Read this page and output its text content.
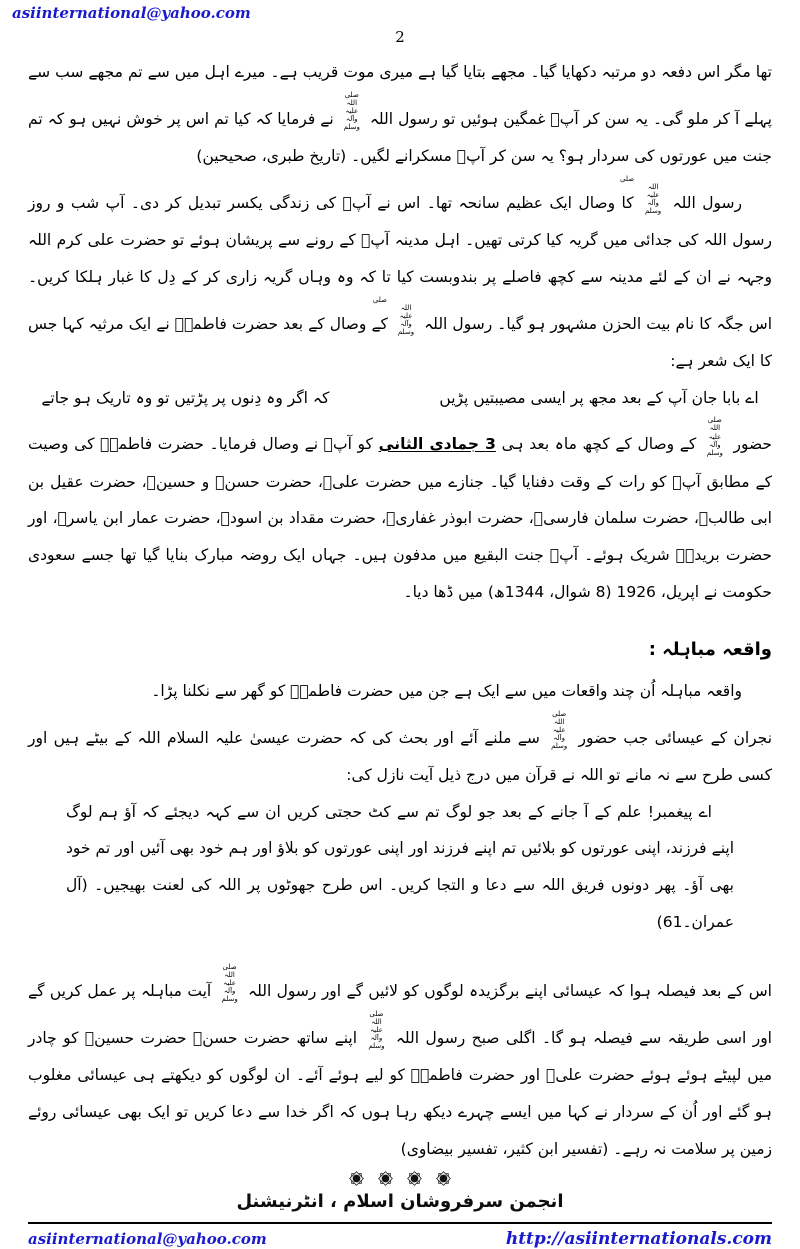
asiinternational@yahoo.com
2
تھا مگر اس دفعہ دو مرتبہ دکھایا گیا۔ مجھے بتایا گیا ہے میری موت قریب ہے۔ میرے اہل میں سے تم مجھے سب سے پہلے آ کر ملو گی۔ یہ سن کر آپؓ غمگین ہوئیں تو رسول اللہ صلی اللہ علیہ وآلہ وسلم نے فرمایا کہ کیا تم اس پر خوش نہیں ہو کہ تم جنت میں عورتوں کی سردار ہو؟ یہ سن کر آپؓ مسکرانے لگیں۔ (تاریخ طبری، صحیحین)
رسول اللہ صلی اللہ علیہ وآلہ وسلم کا وصال ایک عظیم سانحہ تھا۔ اس نے آپؓ کی زندگی یکسر تبدیل کر دی۔ آپ شب و روز رسول اللہ کی جدائی میں گریہ کیا کرتی تھیں۔ اہل مدینہ آپؓ کے رونے سے پریشان ہوئے تو حضرت علی کرم اللہ وجہہ نے ان کے لئے مدینہ سے کچھ فاصلے پر بندوبست کیا تا کہ وہ وہاں گریہ زاری کر کے دِل کا غبار ہلکا کریں۔ اس جگہ کا نام بیت الحزن مشہور ہو گیا۔ رسول اللہ صلی اللہ علیہ وآلہ وسلم کے وصال کے بعد حضرت فاطمہؓ نے ایک مرثیہ کہا جس کا ایک شعر ہے:
اے بابا جان آپ کے بعد مجھ پر ایسی مصیبتیں پڑیں
کہ اگر وہ دِنوں پر پڑتیں تو وہ تاریک ہو جاتے
حضور صلی اللہ علیہ وآلہ وسلم کے وصال کے کچھ ماہ بعد ہی 3 جمادی الثانی کو آپؓ نے وصال فرمایا۔ حضرت فاطمہؓ کی وصیت کے مطابق آپؓ کو رات کے وقت دفنایا گیا۔ جنازے میں حضرت علیؓ، حضرت حسنؓ و حسینؓ، حضرت عقیل بن ابی طالبؓ، حضرت سلمان فارسیؓ، حضرت ابوذر غفاریؓ، حضرت مقداد بن اسودؓ، حضرت عمار ابن یاسرؓ، اور حضرت بریدہؓ شریک ہوئے۔ آپؓ جنت البقیع میں مدفون ہیں۔ جہاں ایک روضہ مبارک بنایا گیا تھا جسے سعودی حکومت نے اپریل، 1926 (8 شوال، 1344ھ) میں ڈھا دیا۔
واقعہ مباہلہ :
واقعہ مباہلہ اُن چند واقعات میں سے ایک ہے جن میں حضرت فاطمہؓ کو گھر سے نکلنا پڑا۔
نجران کے عیسائی جب حضور صلی اللہ علیہ وآلہ وسلم سے ملنے آئے اور بحث کی کہ حضرت عیسیٰ علیہ السلام اللہ کے بیٹے ہیں اور کسی طرح سے نہ مانے تو اللہ نے قرآن میں درج ذیل آیت نازل کی:
اے پیغمبر! علم کے آ جانے کے بعد جو لوگ تم سے کٹ حجتی کریں ان سے کہہ دیجئے کہ آؤ ہم لوگ اپنے فرزند، اپنی عورتوں کو بلائیں تم اپنے فرزند اور اپنی عورتوں کو بلاؤ اور ہم خود بھی آئیں اور تم خود بھی آؤ۔ پھر دونوں فریق اللہ سے دعا و التجا کریں۔ اس طرح جھوٹوں پر اللہ کی لعنت بھیجیں۔ (آل عمران۔61)
اس کے بعد فیصلہ ہوا کہ عیسائی اپنے برگزیدہ لوگوں کو لائیں گے اور رسول اللہ صلی اللہ علیہ وآلہ وسلم آیت مباہلہ پر عمل کریں گے اور اسی طریقہ سے فیصلہ ہو گا۔ اگلی صبح رسول اللہ صلی اللہ علیہ وآلہ وسلم اپنے ساتھ حضرت حسنؑ حضرت حسینؑ کو چادر میں لپیٹے ہوئے ہوئے حضرت علیؑ اور حضرت فاطمہؓ کو لیے ہوئے آئے۔ ان لوگوں کو دیکھتے ہی عیسائی مغلوب ہو گئے اور اُن کے سردار نے کہا میں ایسے چہرے دیکھ رہا ہوں کہ اگر خدا سے دعا کریں تو ایک بھی عیسائی روئے زمین پر سلامت نہ رہے۔ (تفسیر ابن کثیر، تفسیر بیضاوی)
انجمن سرفروشان اسلام ، انٹرنیشنل
asiinternational@yahoo.com	http://asiinternationals.com
